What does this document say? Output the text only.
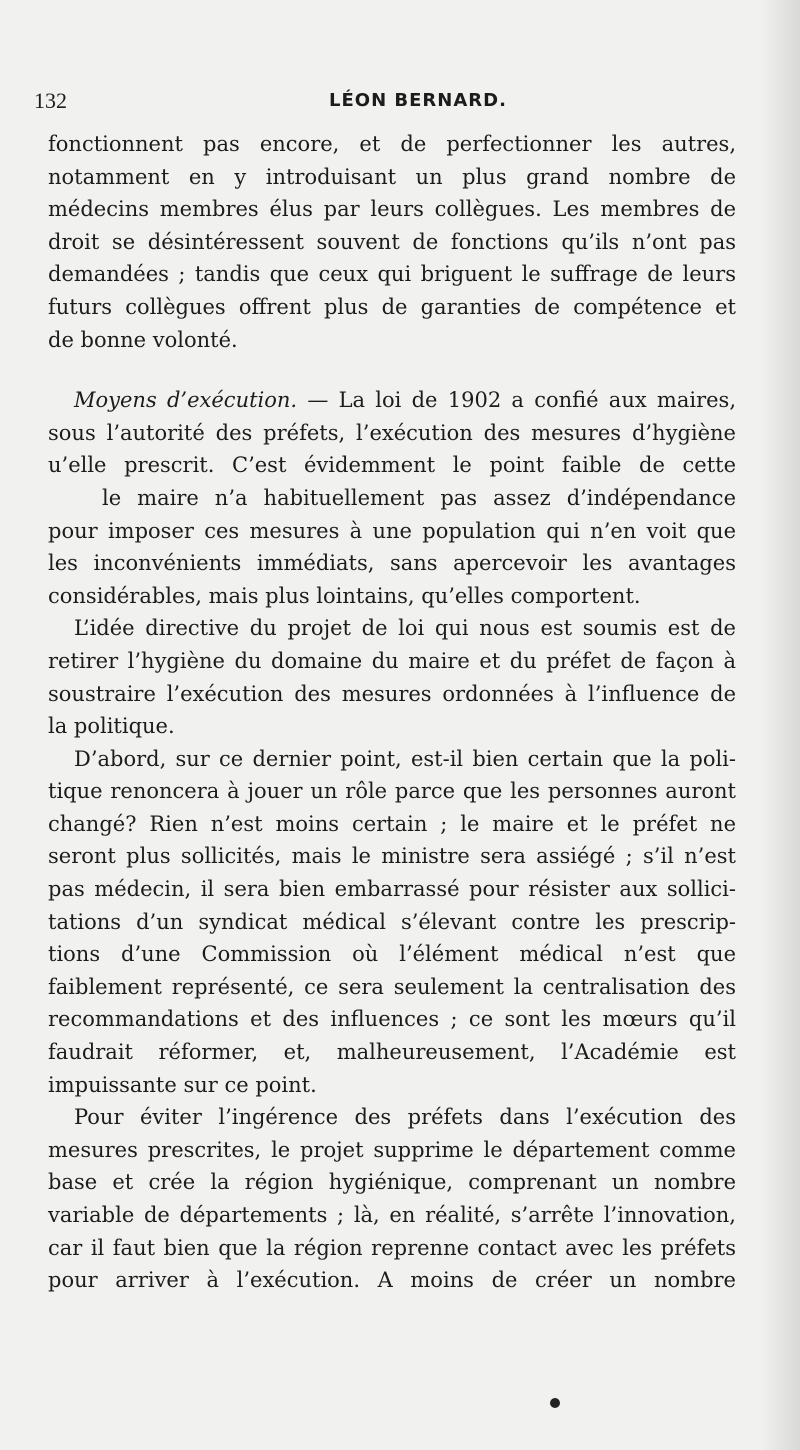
132	LÉON BERNARD.
fonctionnent pas encore, et de perfectionner les autres,
notamment en y introduisant un plus grand nombre de
médecins membres élus par leurs collègues. Les membres de
droit se désintéressent souvent de fonctions qu’ils n’ont pas
demandées ; tandis que ceux qui briguent le suffrage de leurs
futurs collègues offrent plus de garanties de compétence et
de bonne volonté.
Moyens d’exécution. — La loi de 1902 a confié aux maires,
sous l’autorité des préfets, l’exécution des mesures d’hygiène
u’elle prescrit. C’est évidemment le point faible de cette
le maire n’a habituellement pas assez d’indépendance
pour imposer ces mesures à une population qui n’en voit que
les inconvénients immédiats, sans apercevoir les avantages
considérables, mais plus lointains, qu’elles comportent.
L’idée directive du projet de loi qui nous est soumis est de
retirer l’hygiène du domaine du maire et du préfet de façon à
soustraire l’exécution des mesures ordonnées à l’influence de
la politique.
D’abord, sur ce dernier point, est-il bien certain que la poli-
tique renoncera à jouer un rôle parce que les personnes auront
changé? Rien n’est moins certain ; le maire et le préfet ne
seront plus sollicités, mais le ministre sera assiégé ; s’il n’est
pas médecin, il sera bien embarrassé pour résister aux sollici-
tations d’un syndicat médical s’élevant contre les prescrip-
tions d’une Commission où l’élément médical n’est que
faiblement représenté, ce sera seulement la centralisation des
recommandations et des influences ; ce sont les mœurs qu’il
faudrait réformer, et, malheureusement, l’Académie est
impuissante sur ce point.
Pour éviter l’ingérence des préfets dans l’exécution des
mesures prescrites, le projet supprime le département comme
base et crée la région hygiénique, comprenant un nombre
variable de départements ; là, en réalité, s’arrête l’innovation,
car il faut bien que la région reprenne contact avec les préfets
pour arriver à l’exécution. A moins de créer un nombre
